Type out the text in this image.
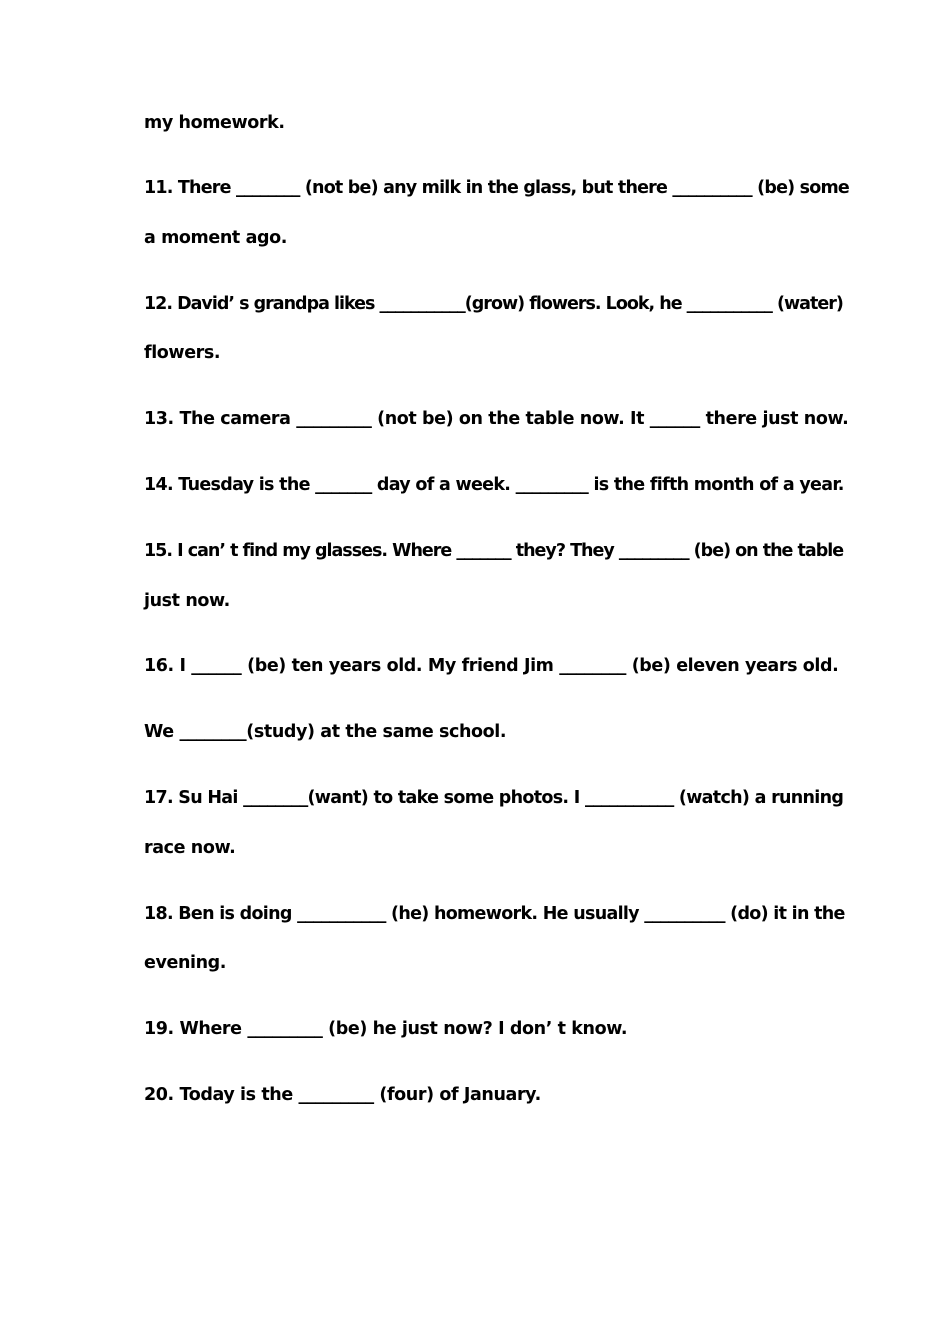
my homework.
11. There ________ (not be) any milk in the glass, but there __________ (be) some
a moment ago.
12. David’ s grandpa likes ___________(grow) flowers. Look, he ___________ (water)
flowers.
13. The camera _________ (not be) on the table now. It ______ there just now.
14. Tuesday is the _______ day of a week. _________ is the fifth month of a year.
15. I can’ t find my glasses. Where _______ they? They _________ (be) on the table
just now.
16. I ______ (be) ten years old. My friend Jim ________ (be) eleven years old.
We ________(study) at the same school.
17. Su Hai ________(want) to take some photos. I ___________ (watch) a running
race now.
18. Ben is doing ___________ (he) homework. He usually __________ (do) it in the
evening.
19. Where _________ (be) he just now? I don’ t know.
20. Today is the _________ (four) of January.
